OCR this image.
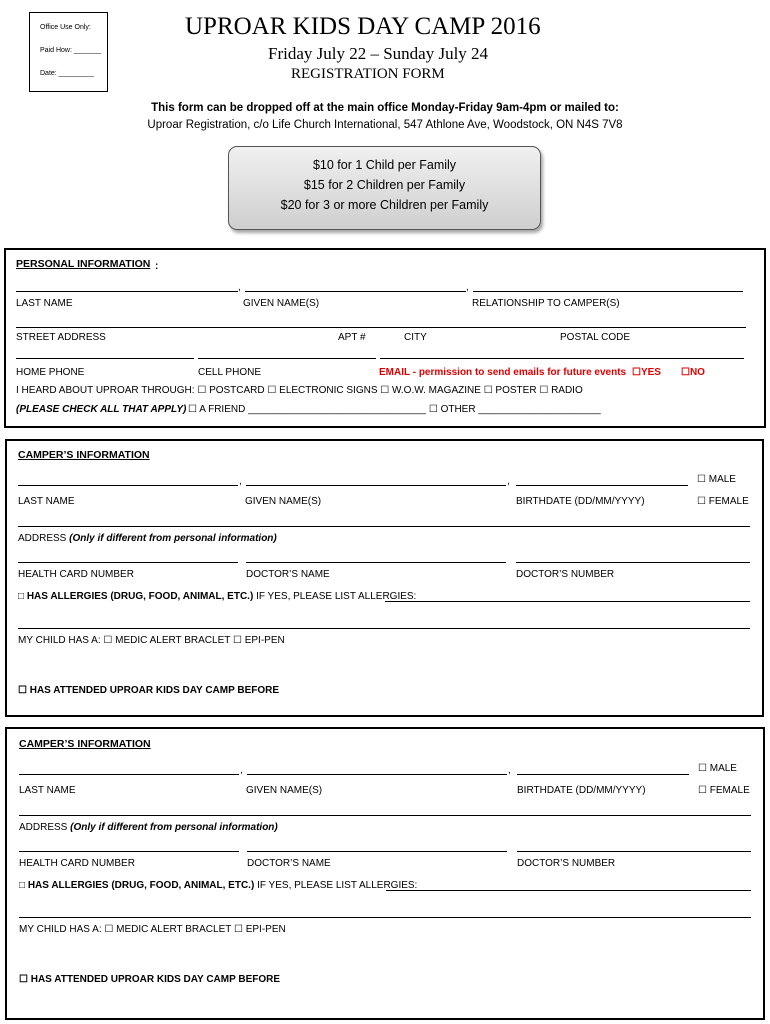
Office Use Only:
Paid How: _______
Date: _________
UPROAR KIDS DAY CAMP 2016
Friday July 22 – Sunday July 24
REGISTRATION FORM
This form can be dropped off at the main office Monday-Friday 9am-4pm or mailed to:
Uproar Registration, c/o Life Church International, 547 Athlone Ave, Woodstock, ON N4S 7V8
$10 for 1 Child per Family
$15 for 2 Children per Family
$20 for 3 or more Children per Family
PERSONAL INFORMATION :
,	,
LAST NAME	GIVEN NAME(S)	RELATIONSHIP TO CAMPER(S)
STREET ADDRESS	APT #	CITY	POSTAL CODE
HOME PHONE	CELL PHONE	EMAIL - permission to send emails for future events ☐YES ☐NO
I HEARD ABOUT UPROAR THROUGH: ☐ POSTCARD ☐ ELECTRONIC SIGNS ☐ W.O.W. MAGAZINE ☐ POSTER ☐ RADIO
(PLEASE CHECK ALL THAT APPLY) ☐ A FRIEND ________________________________ ☐ OTHER ______________________
CAMPER’S INFORMATION
,	,	☐ MALE
LAST NAME	GIVEN NAME(S)	BIRTHDATE (DD/MM/YYYY)	☐ FEMALE
ADDRESS (Only if different from personal information)
HEALTH CARD NUMBER	DOCTOR’S NAME	DOCTOR’S NUMBER
□ HAS ALLERGIES (DRUG, FOOD, ANIMAL, ETC.) IF YES, PLEASE LIST ALLERGIES:
MY CHILD HAS A: ☐ MEDIC ALERT BRACLET ☐ EPI-PEN
☐ HAS ATTENDED UPROAR KIDS DAY CAMP BEFORE
CAMPER’S INFORMATION
,	,	☐ MALE
LAST NAME	GIVEN NAME(S)	BIRTHDATE (DD/MM/YYYY)	☐ FEMALE
ADDRESS (Only if different from personal information)
HEALTH CARD NUMBER	DOCTOR’S NAME	DOCTOR’S NUMBER
□ HAS ALLERGIES (DRUG, FOOD, ANIMAL, ETC.) IF YES, PLEASE LIST ALLERGIES:
MY CHILD HAS A: ☐ MEDIC ALERT BRACLET ☐ EPI-PEN
☐ HAS ATTENDED UPROAR KIDS DAY CAMP BEFORE
